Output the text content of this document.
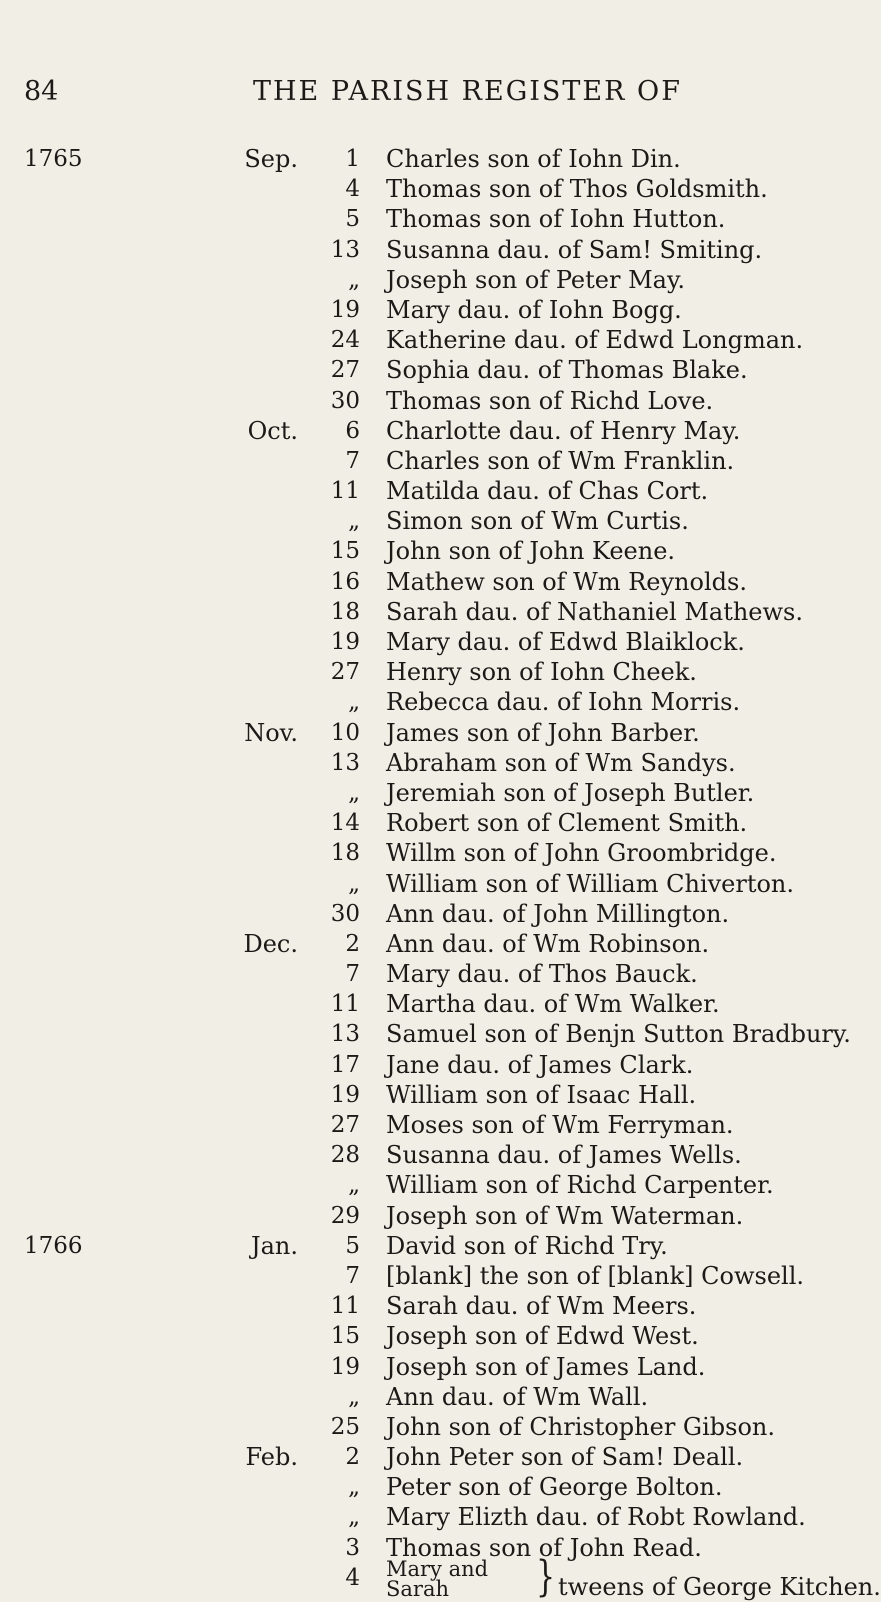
84	THE PARISH REGISTER OF
1765	Sep.	1 Charles son of Iohn Din.
4 Thomas son of Thos Goldsmith.
5 Thomas son of Iohn Hutton.
13 Susanna dau. of Sam! Smiting.
„ Joseph son of Peter May.
19 Mary dau. of Iohn Bogg.
24 Katherine dau. of Edwd Longman.
27 Sophia dau. of Thomas Blake.
30 Thomas son of Richd Love.
Oct.	6 Charlotte dau. of Henry May.
7 Charles son of Wm Franklin.
11 Matilda dau. of Chas Cort.
„ Simon son of Wm Curtis.
15 John son of John Keene.
16 Mathew son of Wm Reynolds.
18 Sarah dau. of Nathaniel Mathews.
19 Mary dau. of Edwd Blaiklock.
27 Henry son of Iohn Cheek.
„ Rebecca dau. of Iohn Morris.
Nov.	10 James son of John Barber.
13 Abraham son of Wm Sandys.
„ Jeremiah son of Joseph Butler.
14 Robert son of Clement Smith.
18 Willm son of John Groombridge.
„ William son of William Chiverton.
30 Ann dau. of John Millington.
Dec.	2 Ann dau. of Wm Robinson.
7 Mary dau. of Thos Bauck.
11 Martha dau. of Wm Walker.
13 Samuel son of Benjn Sutton Bradbury.
17 Jane dau. of James Clark.
19 William son of Isaac Hall.
27 Moses son of Wm Ferryman.
28 Susanna dau. of James Wells.
„ William son of Richd Carpenter.
29 Joseph son of Wm Waterman.
1766	Jan.	5 David son of Richd Try.
7 [blank] the son of [blank] Cowsell.
11 Sarah dau. of Wm Meers.
15 Joseph son of Edwd West.
19 Joseph son of James Land.
„ Ann dau. of Wm Wall.
25 John son of Christopher Gibson.
Feb.	2 John Peter son of Sam! Deall.
„ Peter son of George Bolton.
„ Mary Elizth dau. of Robt Rowland.
3 Thomas son of John Read.
4 Mary and
Sarah	} tweens of George Kitchen.
